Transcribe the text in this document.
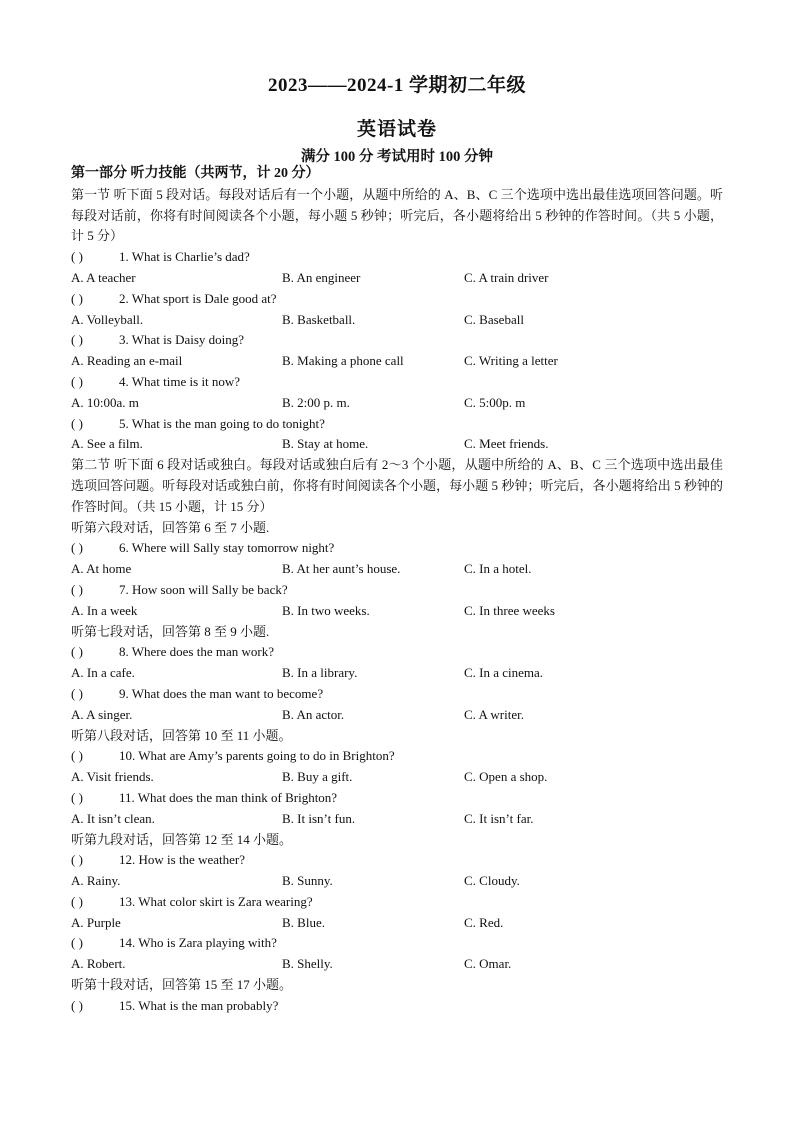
2023——2024-1 学期初二年级
英语试卷
满分 100 分 考试用时 100 分钟
第一部分 听力技能（共两节，计 20 分）
第一节 听下面 5 段对话。每段对话后有一个小题，从题中所给的 A、B、C 三个选项中选出最佳选项回答问题。听每段对话前，你将有时间阅读各个小题，每小题 5 秒钟；听完后，各小题将给出 5 秒钟的作答时间。（共 5 小题，计 5 分）
( )	1. What is Charlie’s dad?
A. A teacher	B. An engineer	C. A train driver
( )	2. What sport is Dale good at?
A. Volleyball.	B. Basketball.	C. Baseball
( )	3. What is Daisy doing?
A. Reading an e-mail	B. Making a phone call	C. Writing a letter
( )	4. What time is it now?
A. 10:00a. m	B. 2:00 p. m.	C. 5:00p. m
( )	5. What is the man going to do tonight?
A. See a film.	B. Stay at home.	C. Meet friends.
第二节 听下面 6 段对话或独白。每段对话或独白后有 2～3 个小题，从题中所给的 A、B、C 三个选项中选出最佳选项回答问题。听每段对话或独白前，你将有时间阅读各个小题，每小题 5 秒钟；听完后，各小题将给出 5 秒钟的作答时间。（共 15 小题，计 15 分）
听第六段对话，回答第 6 至 7 小题.
( )	6. Where will Sally stay tomorrow night?
A. At home	B. At her aunt’s house.	C. In a hotel.
( )	7. How soon will Sally be back?
A. In a week	B. In two weeks.	C. In three weeks
听第七段对话，回答第 8 至 9 小题.
( )	8. Where does the man work?
A. In a cafe.	B. In a library.	C. In a cinema.
( )	9. What does the man want to become?
A. A singer.	B. An actor.	C. A writer.
听第八段对话，回答第 10 至 11 小题。
( )	10. What are Amy’s parents going to do in Brighton?
A. Visit friends.	B. Buy a gift.	C. Open a shop.
( )	11. What does the man think of Brighton?
A. It isn’t clean.	B. It isn’t fun.	C. It isn’t far.
听第九段对话，回答第 12 至 14 小题。
( )	12. How is the weather?
A. Rainy.	B. Sunny.	C. Cloudy.
( )	13. What color skirt is Zara wearing?
A. Purple	B. Blue.	C. Red.
( )	14. Who is Zara playing with?
A. Robert.	B. Shelly.	C. Omar.
听第十段对话，回答第 15 至 17 小题。
( )	15. What is the man probably?
